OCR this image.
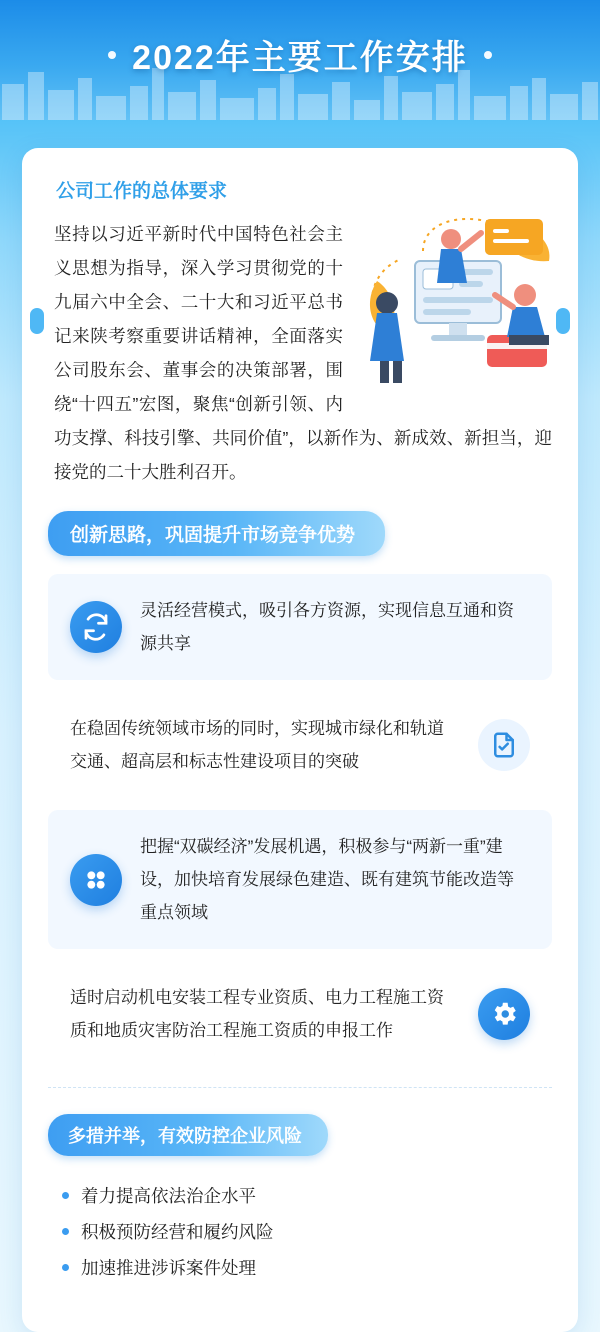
2022年主要工作安排
公司工作的总体要求

坚持以习近平新时代中国特色社会主义思想为指导，深入学习贯彻党的十九届六中全会、二十大和习近平总书记来陕考察重要讲话精神，全面落实公司股东会、董事会的决策部署，围绕“十四五”宏图，聚焦“创新引领、内功支撑、科技引擎、共同价值”，以新作为、新成效、新担当，迎接党的二十大胜利召开。

创新思路，巩固提升市场竞争优势
灵活经营模式，吸引各方资源，实现信息互通和资源共享
在稳固传统领域市场的同时，实现城市绿化和轨道交通、超高层和标志性建设项目的突破
把握“双碳经济”发展机遇，积极参与“两新一重”建设，加快培育发展绿色建造、既有建筑节能改造等重点领域
适时启动机电安装工程专业资质、电力工程施工资质和地质灾害防治工程施工资质的申报工作
多措并举，有效防控企业风险
着力提高依法治企水平
积极预防经营和履约风险
加速推进涉诉案件处理
